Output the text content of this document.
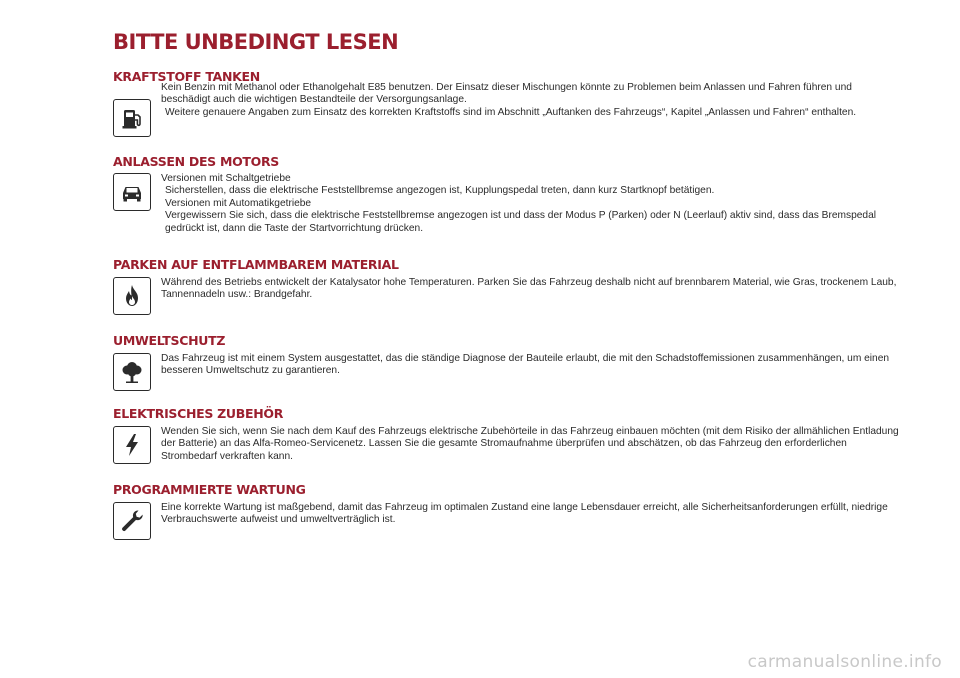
BITTE UNBEDINGT LESEN
KRAFTSTOFF TANKEN

Kein Benzin mit Methanol oder Ethanolgehalt E85 benutzen. Der Einsatz dieser Mischungen könnte zu Problemen beim Anlassen und Fahren führen und beschädigt auch die wichtigen Bestandteile der Versorgungsanlage.

Weitere genauere Angaben zum Einsatz des korrekten Kraftstoffs sind im Abschnitt „Auftanken des Fahrzeugs“, Kapitel „Anlassen und Fahren“ enthalten.

ANLASSEN DES MOTORS

Versionen mit Schaltgetriebe

Sicherstellen, dass die elektrische Feststellbremse angezogen ist, Kupplungspedal treten, dann kurz Startknopf betätigen.

Versionen mit Automatikgetriebe

Vergewissern Sie sich, dass die elektrische Feststellbremse angezogen ist und dass der Modus P (Parken) oder N (Leerlauf) aktiv sind, dass das Bremspedal gedrückt ist, dann die Taste der Startvorrichtung drücken.

PARKEN AUF ENTFLAMMBAREM MATERIAL

Während des Betriebs entwickelt der Katalysator hohe Temperaturen. Parken Sie das Fahrzeug deshalb nicht auf brennbarem Material, wie Gras, trockenem Laub, Tannennadeln usw.: Brandgefahr.

UMWELTSCHUTZ

Das Fahrzeug ist mit einem System ausgestattet, das die ständige Diagnose der Bauteile erlaubt, die mit den Schadstoffemissionen zusammenhängen, um einen besseren Umweltschutz zu garantieren.

ELEKTRISCHES ZUBEHÖR

Wenden Sie sich, wenn Sie nach dem Kauf des Fahrzeugs elektrische Zubehörteile in das Fahrzeug einbauen möchten (mit dem Risiko der allmählichen Entladung der Batterie) an das Alfa-Romeo-Servicenetz. Lassen Sie die gesamte Stromaufnahme überprüfen und abschätzen, ob das Fahrzeug den erforderlichen Strombedarf verkraften kann.

PROGRAMMIERTE WARTUNG

Eine korrekte Wartung ist maßgebend, damit das Fahrzeug im optimalen Zustand eine lange Lebensdauer erreicht, alle Sicherheitsanforderungen erfüllt, niedrige Verbrauchswerte aufweist und umweltverträglich ist.

carmanualsonline.info
